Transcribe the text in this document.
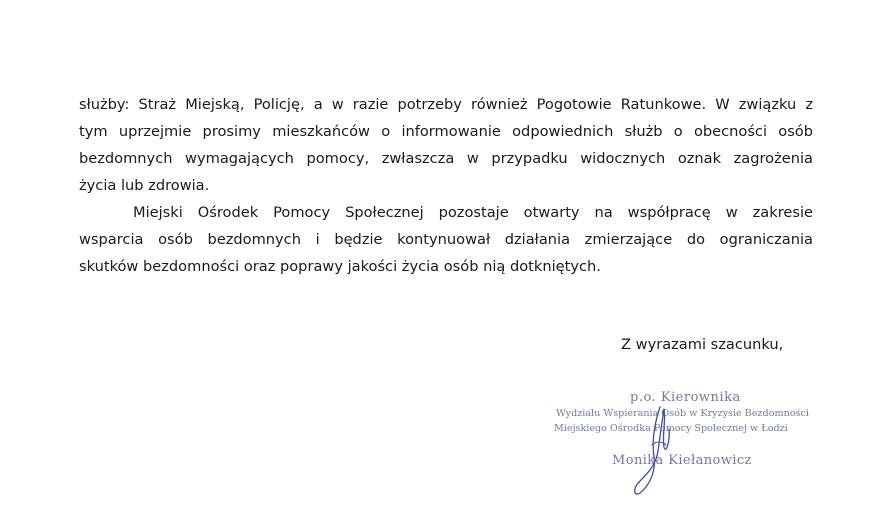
służby: Straż Miejską, Policję, a w razie potrzeby również Pogotowie Ratunkowe. W związku z
tym uprzejmie prosimy mieszkańców o informowanie odpowiednich służb o obecności osób
bezdomnych wymagających pomocy, zwłaszcza w przypadku widocznych oznak zagrożenia
życia lub zdrowia.

Miejski Ośrodek Pomocy Społecznej pozostaje otwarty na współpracę w zakresie
wsparcia osób bezdomnych i będzie kontynuował działania zmierzające do ograniczania
skutków bezdomności oraz poprawy jakości życia osób nią dotkniętych.

Z wyrazami szacunku,
p.o. Kierownika
Wydziału Wspierania Osób w Kryzysie Bezdomności
Miejskiego Ośrodka Pomocy Społecznej w Łodzi
Monika Kiełanowicz
